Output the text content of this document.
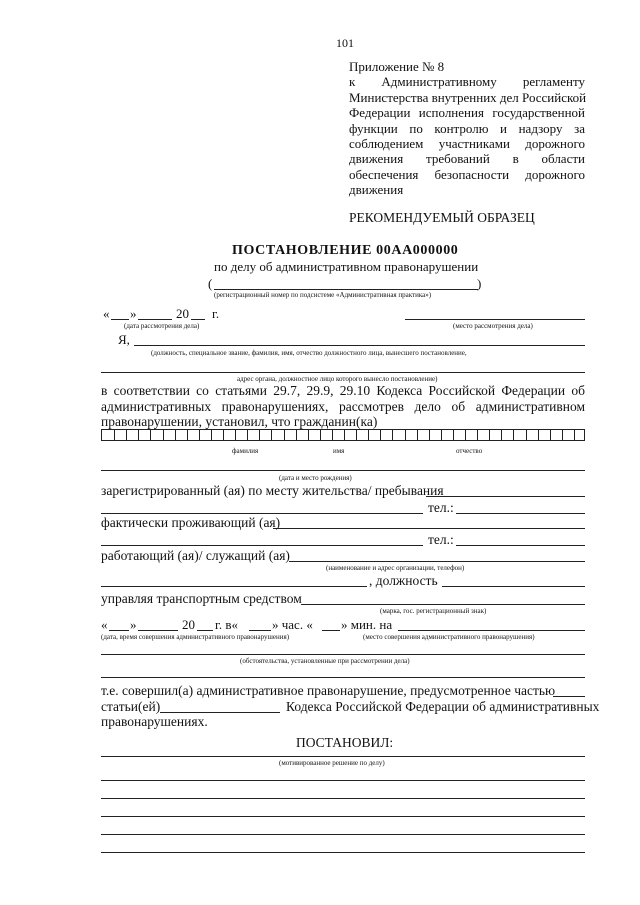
101
Приложение № 8
к Административному регламенту
Министерства внутренних дел Российской
Федерации исполнения государственной
функции по контролю и надзору за
соблюдением участниками дорожного
движения требований в области
обеспечения безопасности дорожного
движения
РЕКОМЕНДУЕМЫЙ ОБРАЗЕЦ
ПОСТАНОВЛЕНИЕ 00АА000000
по делу об административном правонарушении
(	)
(регистрационный номер по подсистеме «Административная практика»)
« »	20 г.
(дата рассмотрения дела)	(место рассмотрения дела)
Я,
(должность, специальное звание, фамилия, имя, отчество должностного лица, вынесшего постановление,
адрес органа, должностное лицо которого вынесло постановление)
в соответствии со статьями 29.7, 29.9, 29.10 Кодекса Российской Федерации об
административных правонарушениях, рассмотрев дело об административном
правонарушении, установил, что гражданин(ка)
фамилия	имя	отчество
(дата и место рождения)
зарегистрированный (ая) по месту жительства/ пребывания
тел.:
фактически проживающий (ая)
тел.:
работающий (ая)/ служащий (ая)
(наименование и адрес организации, телефон)
, должность
управляя транспортным средством
(марка, гос. регистрационный знак)
« »	20 г. в«	» час. « » мин. на
(дата, время совершения административного правонарушения)	(место совершения административного правонарушения)
(обстоятельства, установленные при рассмотрении дела)
т.е. совершил(а) административное правонарушение, предусмотренное частью
статьи(ей)	Кодекса Российской Федерации об административных
правонарушениях.
ПОСТАНОВИЛ:
(мотивированное решение по делу)
